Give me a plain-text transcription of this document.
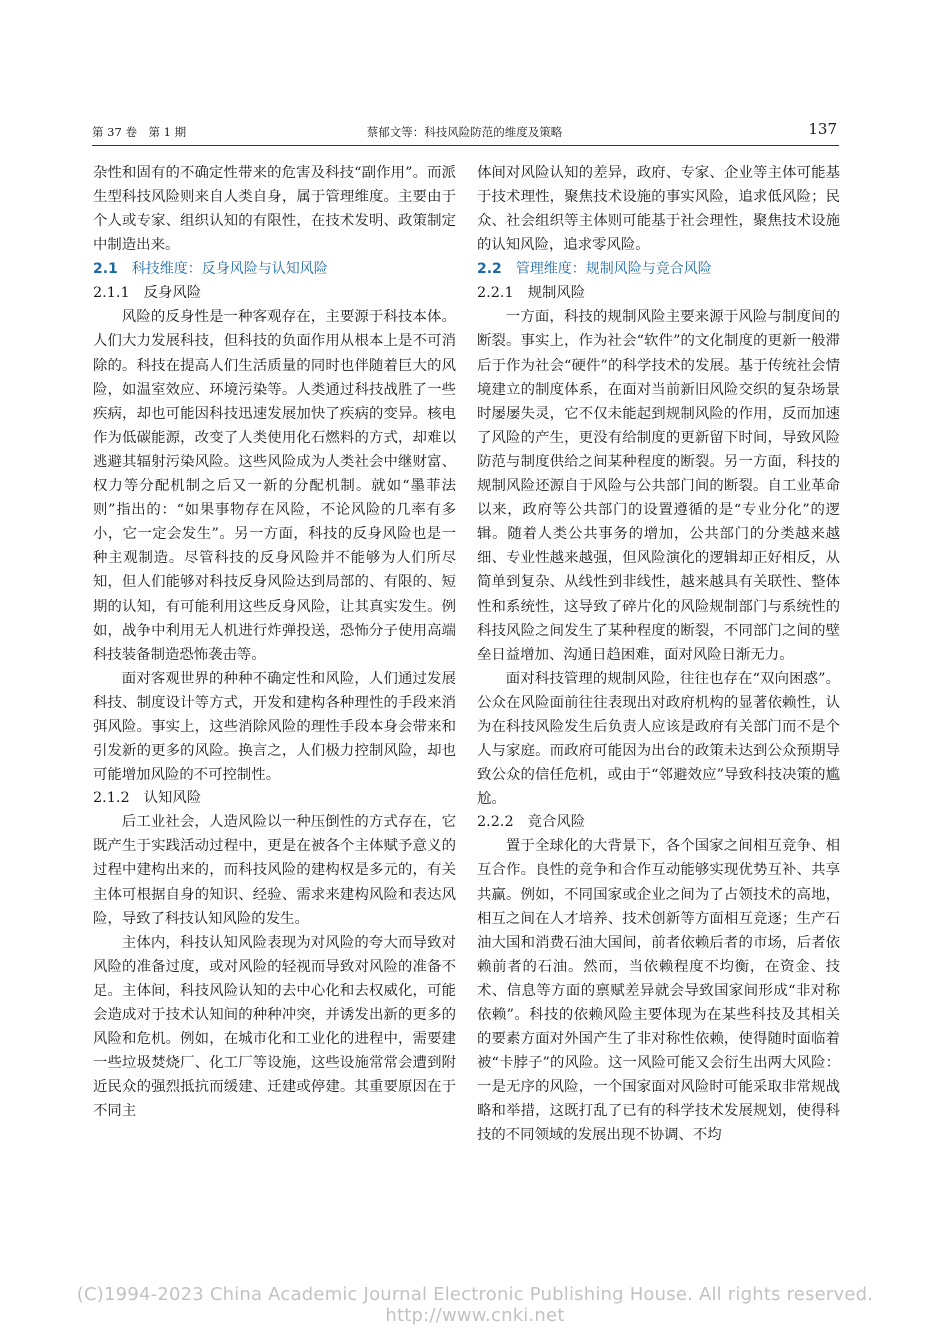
第 37 卷　第 1 期	蔡郁文等：科技风险防范的维度及策略	137

杂性和固有的不确定性带来的危害及科技“副作用”。而派生型科技风险则来自人类自身，属于管理维度。主要由于个人或专家、组织认知的有限性，在技术发明、政策制定中制造出来。

2.1 科技维度：反身风险与认知风险

2.1.1 反身风险

风险的反身性是一种客观存在，主要源于科技本体。人们大力发展科技，但科技的负面作用从根本上是不可消除的。科技在提高人们生活质量的同时也伴随着巨大的风险，如温室效应、环境污染等。人类通过科技战胜了一些疾病，却也可能因科技迅速发展加快了疾病的变异。核电作为低碳能源，改变了人类使用化石燃料的方式，却难以逃避其辐射污染风险。这些风险成为人类社会中继财富、权力等分配机制之后又一新的分配机制。就如“墨菲法则”指出的：“如果事物存在风险，不论风险的几率有多小，它一定会发生”。另一方面，科技的反身风险也是一种主观制造。尽管科技的反身风险并不能够为人们所尽知，但人们能够对科技反身风险达到局部的、有限的、短期的认知，有可能利用这些反身风险，让其真实发生。例如，战争中利用无人机进行炸弹投送，恐怖分子使用高端科技装备制造恐怖袭击等。

面对客观世界的种种不确定性和风险，人们通过发展科技、制度设计等方式，开发和建构各种理性的手段来消弭风险。事实上，这些消除风险的理性手段本身会带来和引发新的更多的风险。换言之，人们极力控制风险，却也可能增加风险的不可控制性。

2.1.2 认知风险

后工业社会，人造风险以一种压倒性的方式存在，它既产生于实践活动过程中，更是在被各个主体赋予意义的过程中建构出来的，而科技风险的建构权是多元的，有关主体可根据自身的知识、经验、需求来建构风险和表达风险，导致了科技认知风险的发生。

主体内，科技认知风险表现为对风险的夸大而导致对风险的准备过度，或对风险的轻视而导致对风险的准备不足。主体间，科技风险认知的去中心化和去权威化，可能会造成对于技术认知间的种种冲突，并诱发出新的更多的风险和危机。例如，在城市化和工业化的进程中，需要建一些垃圾焚烧厂、化工厂等设施，这些设施常常会遭到附近民众的强烈抵抗而缓建、迁建或停建。其重要原因在于不同主

体间对风险认知的差异，政府、专家、企业等主体可能基于技术理性，聚焦技术设施的事实风险，追求低风险；民众、社会组织等主体则可能基于社会理性，聚焦技术设施的认知风险，追求零风险。

2.2 管理维度：规制风险与竞合风险

2.2.1 规制风险

一方面，科技的规制风险主要来源于风险与制度间的断裂。事实上，作为社会“软件”的文化制度的更新一般滞后于作为社会“硬件”的科学技术的发展。基于传统社会情境建立的制度体系，在面对当前新旧风险交织的复杂场景时屡屡失灵，它不仅未能起到规制风险的作用，反而加速了风险的产生，更没有给制度的更新留下时间，导致风险防范与制度供给之间某种程度的断裂。另一方面，科技的规制风险还源自于风险与公共部门间的断裂。自工业革命以来，政府等公共部门的设置遵循的是“专业分化”的逻辑。随着人类公共事务的增加，公共部门的分类越来越细、专业性越来越强，但风险演化的逻辑却正好相反，从简单到复杂、从线性到非线性，越来越具有关联性、整体性和系统性，这导致了碎片化的风险规制部门与系统性的科技风险之间发生了某种程度的断裂，不同部门之间的壁垒日益增加、沟通日趋困难，面对风险日渐无力。

面对科技管理的规制风险，往往也存在“双向困惑”。公众在风险面前往往表现出对政府机构的显著依赖性，认为在科技风险发生后负责人应该是政府有关部门而不是个人与家庭。而政府可能因为出台的政策未达到公众预期导致公众的信任危机，或由于“邻避效应”导致科技决策的尴尬。

2.2.2 竞合风险

置于全球化的大背景下，各个国家之间相互竞争、相互合作。良性的竞争和合作互动能够实现优势互补、共享共赢。例如，不同国家或企业之间为了占领技术的高地，相互之间在人才培养、技术创新等方面相互竞逐；生产石油大国和消费石油大国间，前者依赖后者的市场，后者依赖前者的石油。然而，当依赖程度不均衡，在资金、技术、信息等方面的禀赋差异就会导致国家间形成“非对称依赖”。科技的依赖风险主要体现为在某些科技及其相关的要素方面对外国产生了非对称性依赖，使得随时面临着被“卡脖子”的风险。这一风险可能又会衍生出两大风险：一是无序的风险，一个国家面对风险时可能采取非常规战略和举措，这既打乱了已有的科学技术发展规划，使得科技的不同领域的发展出现不协调、不均

(C)1994-2023 China Academic Journal Electronic Publishing House. All rights reserved. http://www.cnki.net
